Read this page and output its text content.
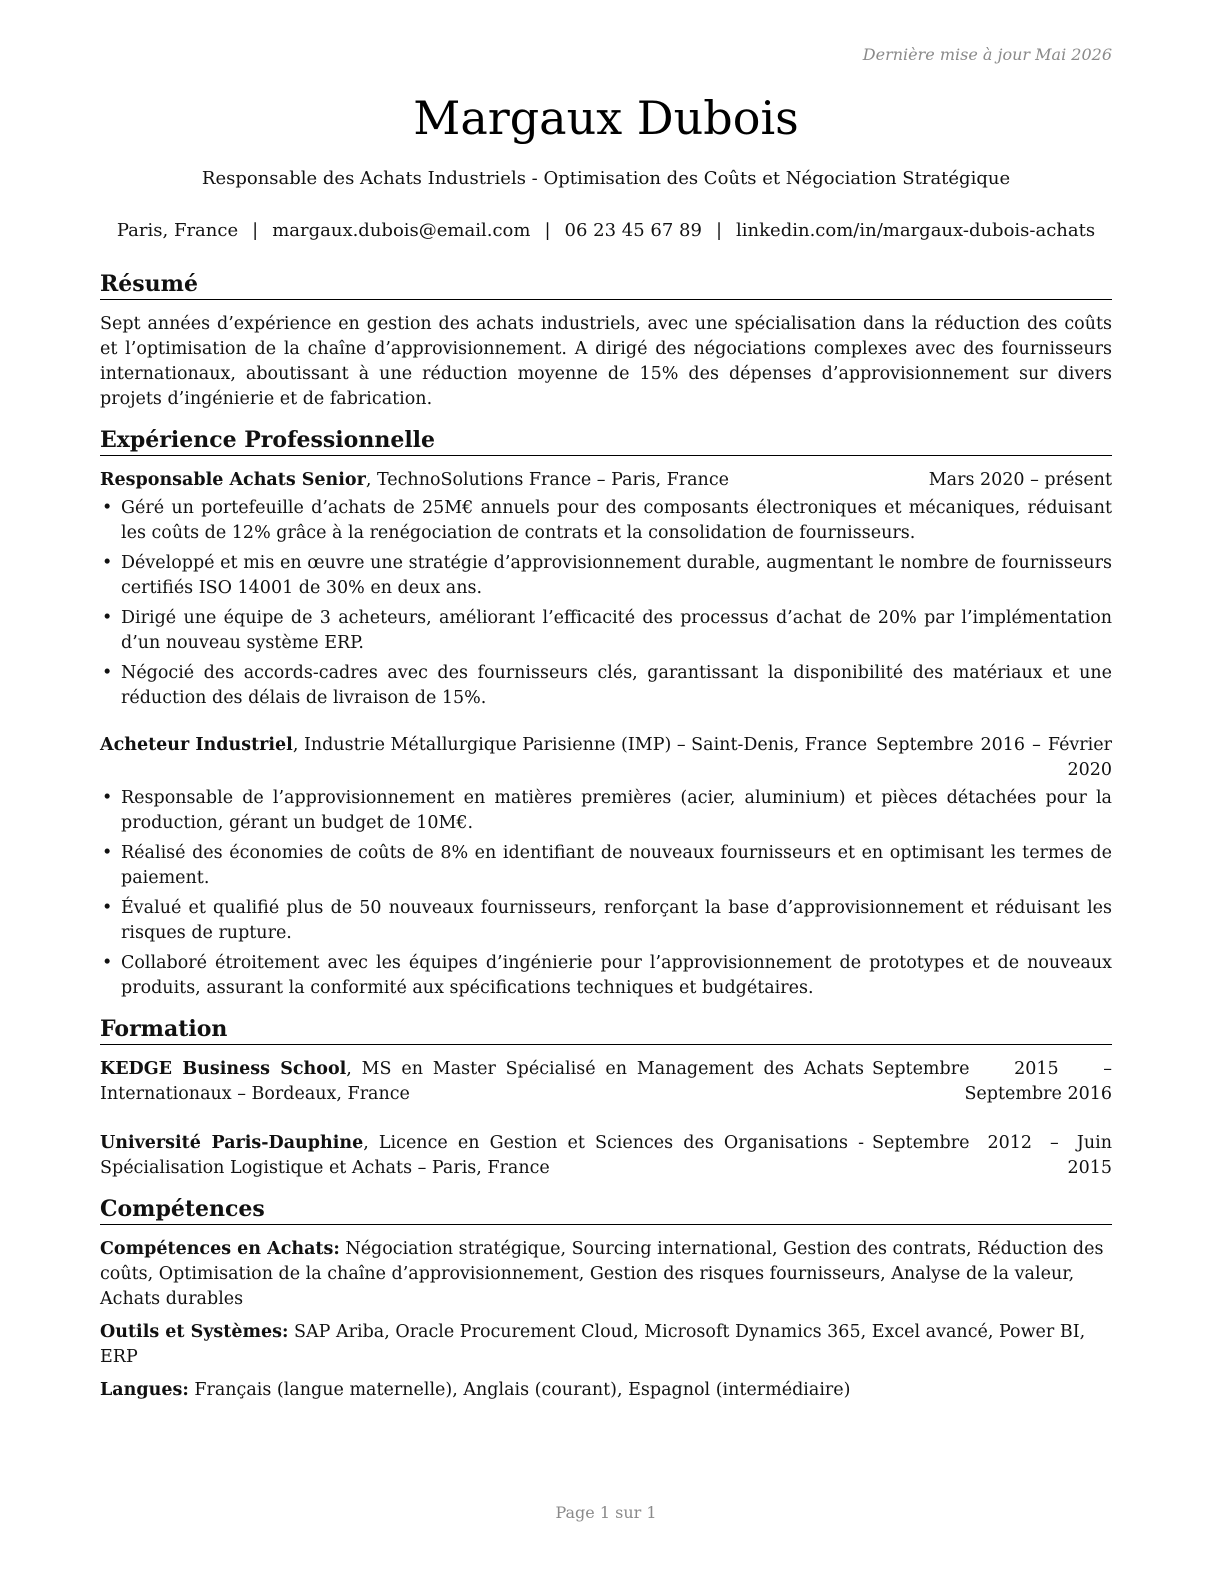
Dernière mise à jour Mai 2026
Margaux Dubois
Responsable des Achats Industriels - Optimisation des Coûts et Négociation Stratégique
Paris, France | margaux.dubois@email.com | 06 23 45 67 89 | linkedin.com/in/margaux-dubois-achats
Résumé
Sept années d’expérience en gestion des achats industriels, avec une spécialisation dans la réduction des coûts et l’optimisation de la chaîne d’approvisionnement. A dirigé des négociations complexes avec des fournisseurs internationaux, aboutissant à une réduction moyenne de 15% des dépenses d’approvisionnement sur divers projets d’ingénierie et de fabrication.
Expérience Professionnelle
Responsable Achats Senior, TechnoSolutions France – Paris, France	Mars 2020 – présent
• Géré un portefeuille d’achats de 25M€ annuels pour des composants électroniques et mécaniques, réduisant les coûts de 12% grâce à la renégociation de contrats et la consolidation de fournisseurs.
• Développé et mis en œuvre une stratégie d’approvisionnement durable, augmentant le nombre de fournisseurs certifiés ISO 14001 de 30% en deux ans.
• Dirigé une équipe de 3 acheteurs, améliorant l’efficacité des processus d’achat de 20% par l’implémentation d’un nouveau système ERP.
• Négocié des accords-cadres avec des fournisseurs clés, garantissant la disponibilité des matériaux et une réduction des délais de livraison de 15%.
Acheteur Industriel, Industrie Métallurgique Parisienne (IMP) – Saint-Denis, France Septembre 2016 – Février 2020
• Responsable de l’approvisionnement en matières premières (acier, aluminium) et pièces détachées pour la production, gérant un budget de 10M€.
• Réalisé des économies de coûts de 8% en identifiant de nouveaux fournisseurs et en optimisant les termes de paiement.
• Évalué et qualifié plus de 50 nouveaux fournisseurs, renforçant la base d’approvisionnement et réduisant les risques de rupture.
• Collaboré étroitement avec les équipes d’ingénierie pour l’approvisionnement de prototypes et de nouveaux produits, assurant la conformité aux spécifications techniques et budgétaires.
Formation
KEDGE Business School, MS en Master Spécialisé en Management des Achats Internationaux – Bordeaux, France
Septembre 2015 – Septembre 2016
Université Paris-Dauphine, Licence en Gestion et Sciences des Organisations - Spécialisation Logistique et Achats – Paris, France
Septembre 2012 – Juin 2015
Compétences
Compétences en Achats: Négociation stratégique, Sourcing international, Gestion des contrats, Réduction des coûts, Optimisation de la chaîne d’approvisionnement, Gestion des risques fournisseurs, Analyse de la valeur, Achats durables
Outils et Systèmes: SAP Ariba, Oracle Procurement Cloud, Microsoft Dynamics 365, Excel avancé, Power BI, ERP
Langues: Français (langue maternelle), Anglais (courant), Espagnol (intermédiaire)
Page 1 sur 1
